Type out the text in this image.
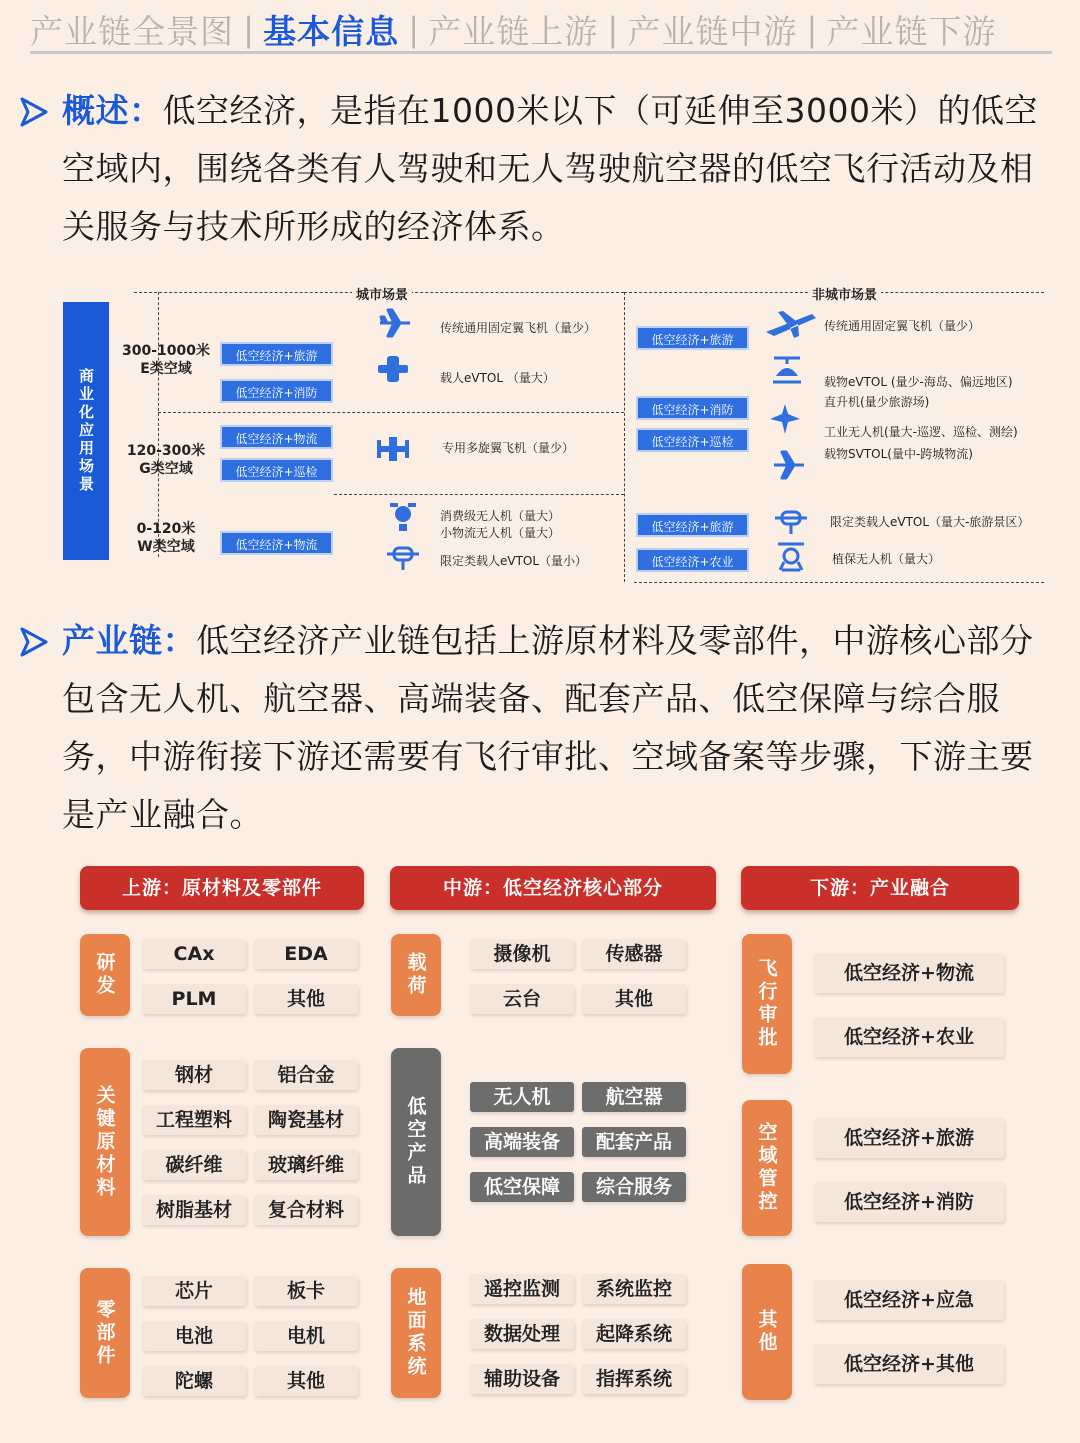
产业链全景图 | 基本信息 | 产业链上游 | 产业链中游 | 产业链下游
概述：低空经济，是指在1000米以下（可延伸至3000米）的低空空域内，围绕各类有人驾驶和无人驾驶航空器的低空飞行活动及相关服务与技术所形成的经济体系。
商业化应用场景
城市场景	非城市场景
300-1000米
E类空域
120-300米
G类空域
0-120米
W类空域
低空经济+旅游
低空经济+消防
低空经济+物流
低空经济+巡检
低空经济+物流
传统通用固定翼飞机（量少）
载人eVTOL （量大）
专用多旋翼飞机（量少）
消费级无人机（量大）
小物流无人机（量大）
限定类载人eVTOL（量小）
低空经济+旅游
低空经济+消防
低空经济+巡检
低空经济+旅游
低空经济+农业
传统通用固定翼飞机（量少）
载物eVTOL (量少-海岛、偏远地区)
直升机(量少旅游场)
工业无人机(量大-巡逻、巡检、测绘)
载物SVTOL(量中-跨城物流)
限定类载人eVTOL（量大-旅游景区）
植保无人机（量大）
产业链：低空经济产业链包括上游原材料及零部件，中游核心部分包含无人机、航空器、高端装备、配套产品、低空保障与综合服务，中游衔接下游还需要有飞行审批、空域备案等步骤，下游主要是产业融合。
上游：原材料及零部件	中游：低空经济核心部分	下游：产业融合
研发	CAx	EDA
PLM	其他
关键原材料
钢材	铝合金
工程塑料	陶瓷基材
碳纤维	玻璃纤维
树脂基材	复合材料
零部件
芯片	板卡
电池	电机
陀螺	其他
载荷	摄像机	传感器
云台	其他
低空产品	无人机	航空器
高端装备	配套产品
低空保障	综合服务
地面系统	遥控监测	系统监控
数据处理	起降系统
辅助设备	指挥系统
飞行审批	低空经济+物流
低空经济+农业
空域管控	低空经济+旅游
低空经济+消防
其他
低空经济+应急
低空经济+其他
